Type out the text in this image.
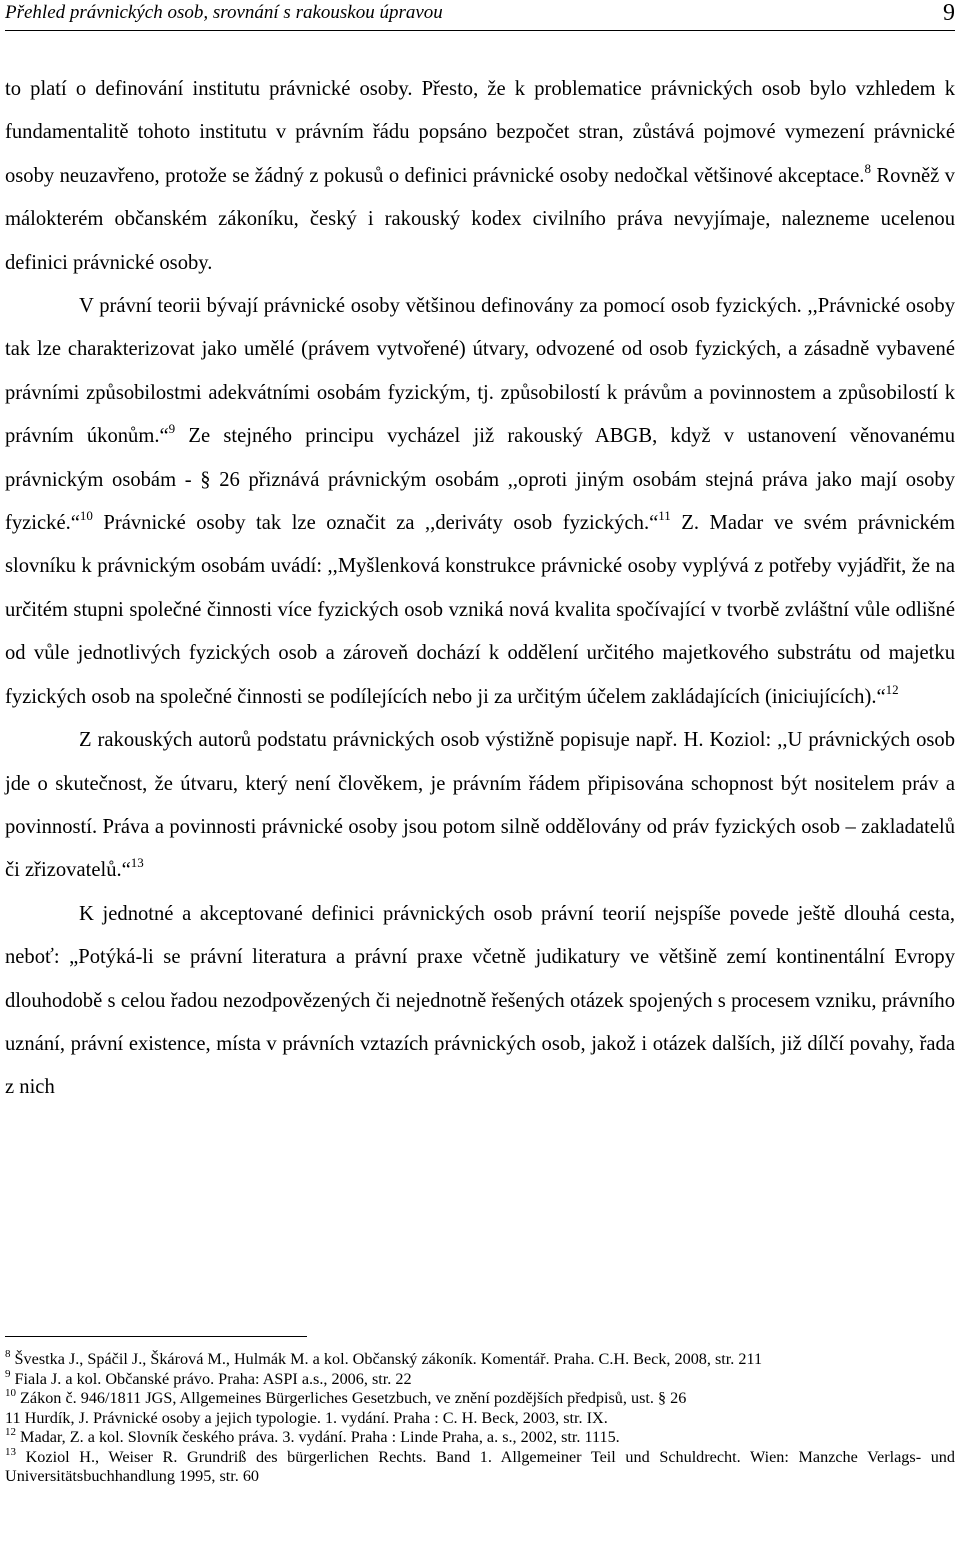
Přehled právnických osob, srovnání s rakouskou úpravou	9

to platí o definování institutu právnické osoby. Přesto, že k problematice právnických osob bylo vzhledem k fundamentalitě tohoto institutu v právním řádu popsáno bezpočet stran, zůstává pojmové vymezení právnické osoby neuzavřeno, protože se žádný z pokusů o definici právnické osoby nedočkal většinové akceptace.$^8$ Rovněž v málokterém občanském zákoníku, český i rakouský kodex civilního práva nevyjímaje, nalezneme ucelenou definici právnické osoby.

V právní teorii bývají právnické osoby většinou definovány za pomocí osob fyzických. ,,Právnické osoby tak lze charakterizovat jako umělé (právem vytvořené) útvary, odvozené od osob fyzických, a zásadně vybavené právními způsobilostmi adekvátními osobám fyzickým, tj. způsobilostí k právům a povinnostem a způsobilostí k právním úkonům.“$^9$ Ze stejného principu vycházel již rakouský ABGB, když v ustanovení věnovanému právnickým osobám - § 26 přiznává právnickým osobám ,,oproti jiným osobám stejná práva jako mají osoby fyzické.“$^{10}$ Právnické osoby tak lze označit za ,,deriváty osob fyzických.“$^{11}$ Z. Madar ve svém právnickém slovníku k právnickým osobám uvádí: ,,Myšlenková konstrukce právnické osoby vyplývá z potřeby vyjádřit, že na určitém stupni společné činnosti více fyzických osob vzniká nová kvalita spočívající v tvorbě zvláštní vůle odlišné od vůle jednotlivých fyzických osob a zároveň dochází k oddělení určitého majetkového substrátu od majetku fyzických osob na společné činnosti se podílejících nebo ji za určitým účelem zakládajících (iniciujících).“$^{12}$

Z rakouských autorů podstatu právnických osob výstižně popisuje např. H. Koziol: ,,U právnických osob jde o skutečnost, že útvaru, který není člověkem, je právním řádem připisována schopnost být nositelem práv a povinností. Práva a povinnosti právnické osoby jsou potom silně oddělovány od práv fyzických osob – zakladatelů či zřizovatelů.“$^{13}$

K jednotné a akceptované definici právnických osob právní teorií nejspíše povede ještě dlouhá cesta, neboť: „Potýká-li se právní literatura a právní praxe včetně judikatury ve většině zemí kontinentální Evropy dlouhodobě s celou řadou nezodpovězených či nejednotně řešených otázek spojených s procesem vzniku, právního uznání, právní existence, místa v právních vztazích právnických osob, jakož i otázek dalších, již dílčí povahy, řada z nich

$^8$ Švestka J., Spáčil J., Škárová M., Hulmák M. a kol. Občanský zákoník. Komentář. Praha. C.H. Beck, 2008, str. 211

$^9$ Fiala J. a kol. Občanské právo. Praha: ASPI a.s., 2006, str. 22

$^{10}$ Zákon č. 946/1811 JGS, Allgemeines Bürgerliches Gesetzbuch, ve znění pozdějších předpisů, ust. § 26

11 Hurdík, J. Právnické osoby a jejich typologie. 1. vydání. Praha : C. H. Beck, 2003, str. IX.

$^{12}$ Madar, Z. a kol. Slovník českého práva. 3. vydání. Praha : Linde Praha, a. s., 2002, str. 1115.

$^{13}$ Koziol H., Weiser R. Grundriß des bürgerlichen Rechts. Band 1. Allgemeiner Teil und Schuldrecht. Wien: Manzche Verlags- und Universitätsbuchhandlung 1995, str. 60
